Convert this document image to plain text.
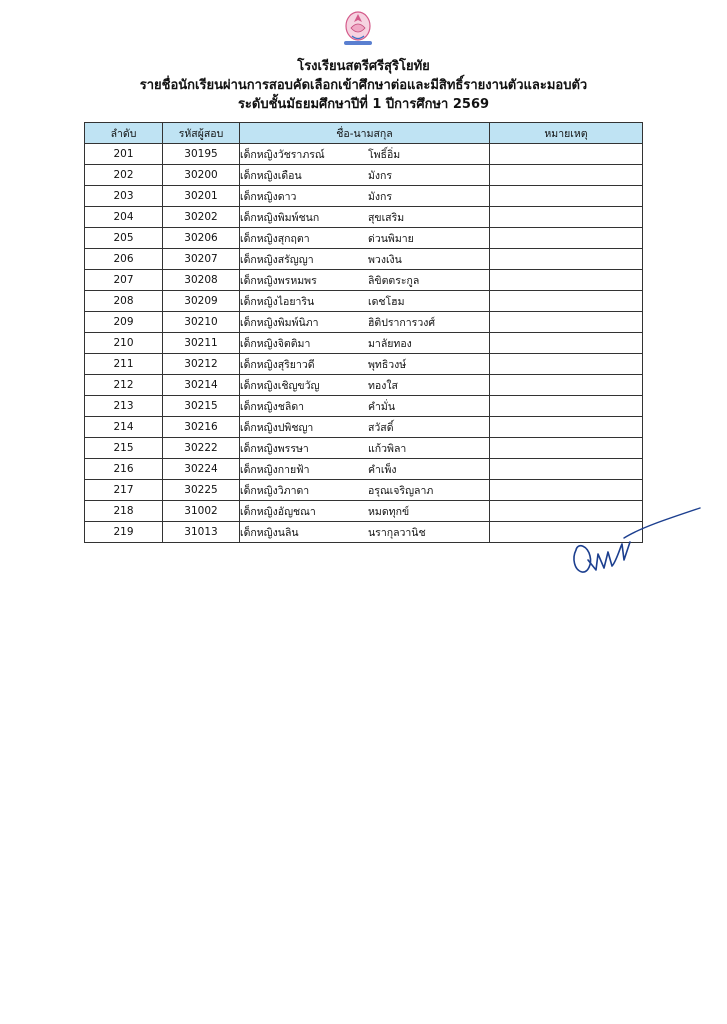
โรงเรียนสตรีศรีสุริโยทัย
รายชื่อนักเรียนผ่านการสอบคัดเลือกเข้าศึกษาต่อและมีสิทธิ์รายงานตัวและมอบตัว
ระดับชั้นมัธยมศึกษาปีที่ 1 ปีการศึกษา 2569
ลำดับ	รหัสผู้สอบ	ชื่อ-นามสกุล	หมายเหตุ
201	30195	เด็กหญิงวัชราภรณ์ โพธิ์อิ่ม	
202	30200	เด็กหญิงเดือน มังกร	
203	30201	เด็กหญิงดาว มังกร	
204	30202	เด็กหญิงพิมพ์ชนก สุขเสริม	
205	30206	เด็กหญิงสุกฤตา ด่วนพิมาย	
206	30207	เด็กหญิงสรัญญา พวงเงิน	
207	30208	เด็กหญิงพรหมพร ลิขิตตระกูล	
208	30209	เด็กหญิงไอยาริน เดชโฮม	
209	30210	เด็กหญิงพิมพ์นิภา ฮิติปราการวงศ์	
210	30211	เด็กหญิงจิตติมา มาลัยทอง	
211	30212	เด็กหญิงสุริยาวดี พุทธิวงษ์	
212	30214	เด็กหญิงเชิญขวัญ ทองใส	
213	30215	เด็กหญิงชลิดา คำมั่น	
214	30216	เด็กหญิงปพิชญา สวัสดิ์	
215	30222	เด็กหญิงพรรษา แก้วพิลา	
216	30224	เด็กหญิงกายฟ้า คำเพ็ง	
217	30225	เด็กหญิงวิภาดา อรุณเจริญลาภ	
218	31002	เด็กหญิงอัญชณา หมดทุกข์	
219	31013	เด็กหญิงนลิน นรากุลวานิช	
